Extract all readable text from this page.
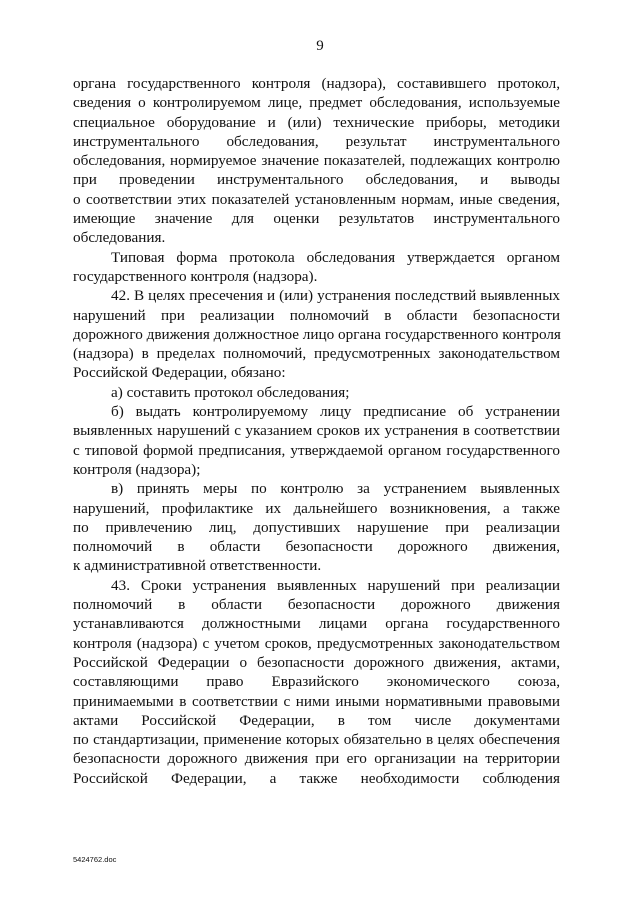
9
органа государственного контроля (надзора), составившего протокол,
сведения о контролируемом лице, предмет обследования, используемые
специальное оборудование и (или) технические приборы, методики
инструментального обследования, результат инструментального
обследования, нормируемое значение показателей, подлежащих контролю
при проведении инструментального обследования, и выводы
о соответствии этих показателей установленным нормам, иные сведения,
имеющие значение для оценки результатов инструментального
обследования.
Типовая форма протокола обследования утверждается органом
государственного контроля (надзора).
42. В целях пресечения и (или) устранения последствий выявленных
нарушений при реализации полномочий в области безопасности
дорожного движения должностное лицо органа государственного контроля
(надзора) в пределах полномочий, предусмотренных законодательством
Российской Федерации, обязано:
а) составить протокол обследования;
б) выдать контролируемому лицу предписание об устранении
выявленных нарушений с указанием сроков их устранения в соответствии
с типовой формой предписания, утверждаемой органом государственного
контроля (надзора);
в) принять меры по контролю за устранением выявленных
нарушений, профилактике их дальнейшего возникновения, а также
по привлечению лиц, допустивших нарушение при реализации
полномочий в области безопасности дорожного движения,
к административной ответственности.
43. Сроки устранения выявленных нарушений при реализации
полномочий в области безопасности дорожного движения
устанавливаются должностными лицами органа государственного
контроля (надзора) с учетом сроков, предусмотренных законодательством
Российской Федерации о безопасности дорожного движения, актами,
составляющими право Евразийского экономического союза,
принимаемыми в соответствии с ними иными нормативными правовыми
актами Российской Федерации, в том числе документами
по стандартизации, применение которых обязательно в целях обеспечения
безопасности дорожного движения при его организации на территории
Российской Федерации, а также необходимости соблюдения
5424762.doc
